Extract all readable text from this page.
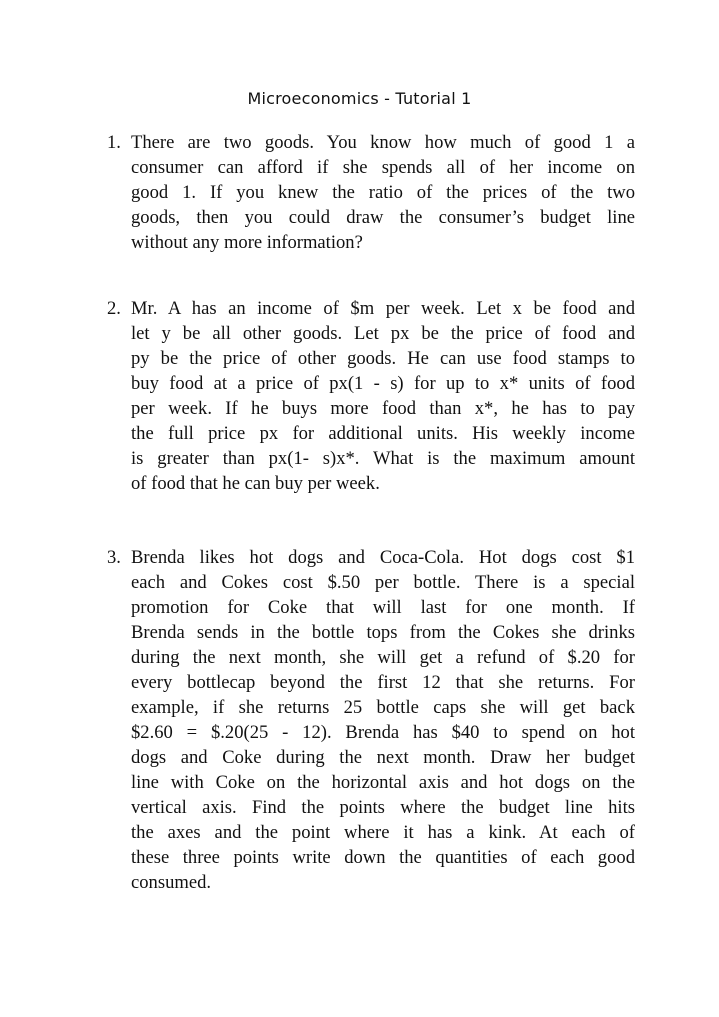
Microeconomics - Tutorial 1
1. There are two goods. You know how much of good 1 a
consumer can afford if she spends all of her income on
good 1. If you knew the ratio of the prices of the two
goods, then you could draw the consumer’s budget line
without any more information?
2. Mr. A has an income of $m per week. Let x be food and
let y be all other goods. Let px be the price of food and
py be the price of other goods. He can use food stamps to
buy food at a price of px(1 - s) for up to x* units of food
per week. If he buys more food than x*, he has to pay
the full price px for additional units. His weekly income
is greater than px(1- s)x*. What is the maximum amount
of food that he can buy per week.
3. Brenda likes hot dogs and Coca-Cola. Hot dogs cost $1
each and Cokes cost $.50 per bottle. There is a special
promotion for Coke that will last for one month. If
Brenda sends in the bottle tops from the Cokes she drinks
during the next month, she will get a refund of $.20 for
every bottlecap beyond the first 12 that she returns. For
example, if she returns 25 bottle caps she will get back
$2.60 = $.20(25 - 12). Brenda has $40 to spend on hot
dogs and Coke during the next month. Draw her budget
line with Coke on the horizontal axis and hot dogs on the
vertical axis. Find the points where the budget line hits
the axes and the point where it has a kink. At each of
these three points write down the quantities of each good
consumed.
